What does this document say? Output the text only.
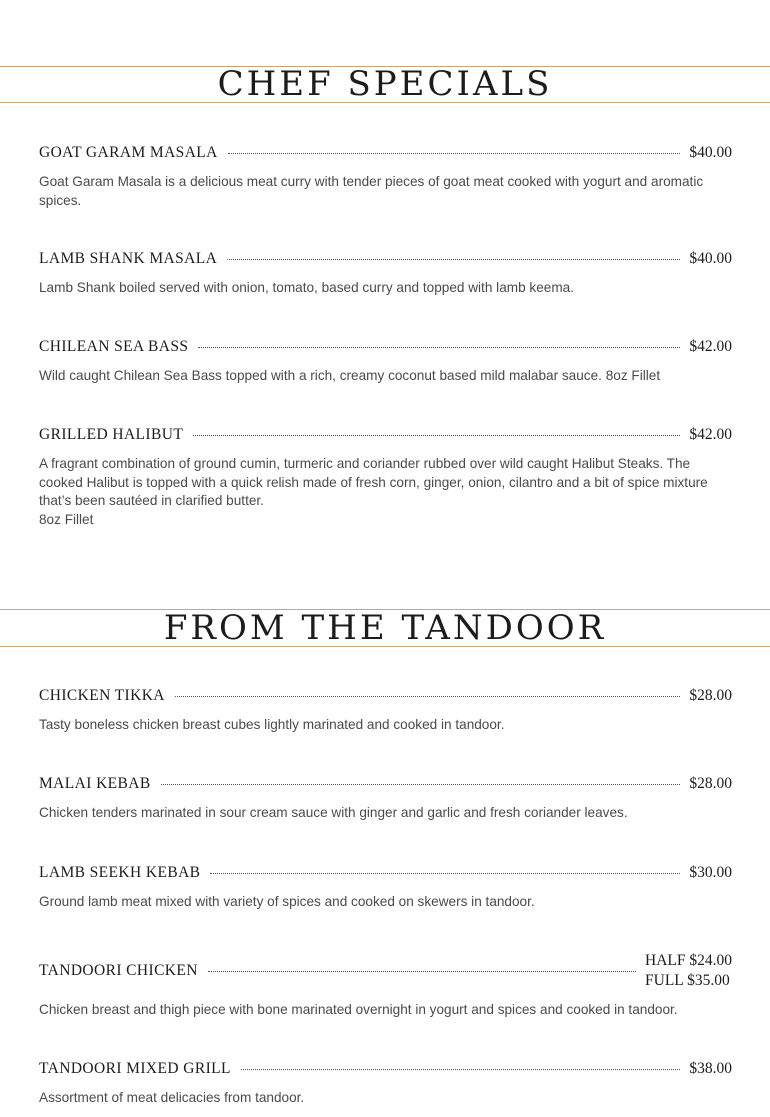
CHEF SPECIALS
GOAT GARAM MASALA	$40.00
Goat Garam Masala is a delicious meat curry with tender pieces of goat meat cooked with yogurt and aromatic spices.
LAMB SHANK MASALA	$40.00
Lamb Shank boiled served with onion, tomato, based curry and topped with lamb keema.
CHILEAN SEA BASS	$42.00
Wild caught Chilean Sea Bass topped with a rich, creamy coconut based mild malabar sauce. 8oz Fillet
GRILLED HALIBUT	$42.00
A fragrant combination of ground cumin, turmeric and coriander rubbed over wild caught Halibut Steaks. The cooked Halibut is topped with a quick relish made of fresh corn, ginger, onion, cilantro and a bit of spice mixture that’s been sautéed in clarified butter.
8oz Fillet
FROM THE TANDOOR
CHICKEN TIKKA	$28.00
Tasty boneless chicken breast cubes lightly marinated and cooked in tandoor.
MALAI KEBAB	$28.00
Chicken tenders marinated in sour cream sauce with ginger and garlic and fresh coriander leaves.
LAMB SEEKH KEBAB	$30.00
Ground lamb meat mixed with variety of spices and cooked on skewers in tandoor.
TANDOORI CHICKEN
HALF $24.00
FULL $35.00
Chicken breast and thigh piece with bone marinated overnight in yogurt and spices and cooked in tandoor.
TANDOORI MIXED GRILL	$38.00
Assortment of meat delicacies from tandoor.
